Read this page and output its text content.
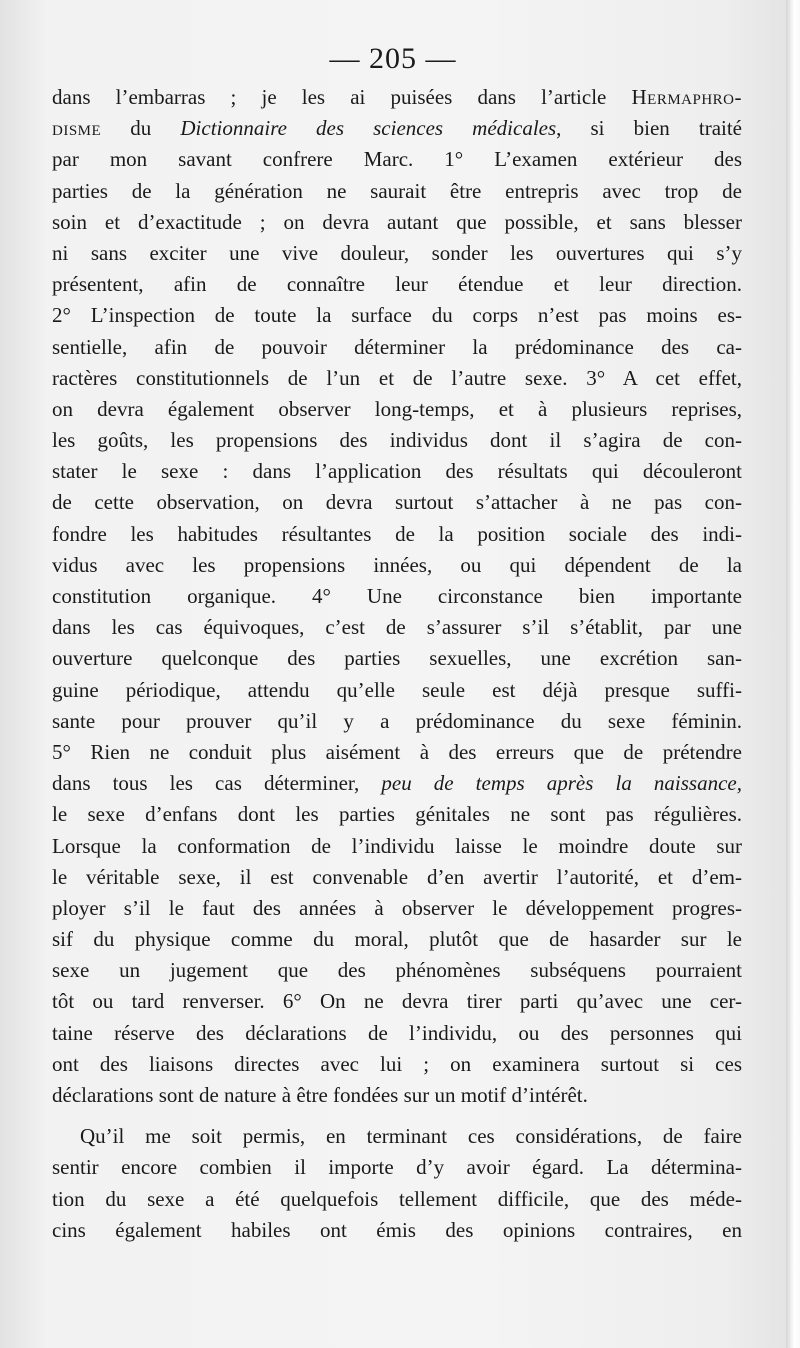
— 205 —
dans l’embarras ; je les ai puisées dans l’article Hermaphro-
disme du Dictionnaire des sciences médicales, si bien traité
par mon savant confrere Marc. 1° L’examen extérieur des
parties de la génération ne saurait être entrepris avec trop de
soin et d’exactitude ; on devra autant que possible, et sans blesser
ni sans exciter une vive douleur, sonder les ouvertures qui s’y
présentent, afin de connaître leur étendue et leur direction.
2° L’inspection de toute la surface du corps n’est pas moins es-
sentielle, afin de pouvoir déterminer la prédominance des ca-
ractères constitutionnels de l’un et de l’autre sexe. 3° A cet effet,
on devra également observer long-temps, et à plusieurs reprises,
les goûts, les propensions des individus dont il s’agira de con-
stater le sexe : dans l’application des résultats qui découleront
de cette observation, on devra surtout s’attacher à ne pas con-
fondre les habitudes résultantes de la position sociale des indi-
vidus avec les propensions innées, ou qui dépendent de la
constitution organique. 4° Une circonstance bien importante
dans les cas équivoques, c’est de s’assurer s’il s’établit, par une
ouverture quelconque des parties sexuelles, une excrétion san-
guine périodique, attendu qu’elle seule est déjà presque suffi-
sante pour prouver qu’il y a prédominance du sexe féminin.
5° Rien ne conduit plus aisément à des erreurs que de prétendre
dans tous les cas déterminer, peu de temps après la naissance,
le sexe d’enfans dont les parties génitales ne sont pas régulières.
Lorsque la conformation de l’individu laisse le moindre doute sur
le véritable sexe, il est convenable d’en avertir l’autorité, et d’em-
ployer s’il le faut des années à observer le développement progres-
sif du physique comme du moral, plutôt que de hasarder sur le
sexe un jugement que des phénomènes subséquens pourraient
tôt ou tard renverser. 6° On ne devra tirer parti qu’avec une cer-
taine réserve des déclarations de l’individu, ou des personnes qui
ont des liaisons directes avec lui ; on examinera surtout si ces
déclarations sont de nature à être fondées sur un motif d’intérêt.
Qu’il me soit permis, en terminant ces considérations, de faire
sentir encore combien il importe d’y avoir égard. La détermina-
tion du sexe a été quelquefois tellement difficile, que des méde-
cins également habiles ont émis des opinions contraires, en
